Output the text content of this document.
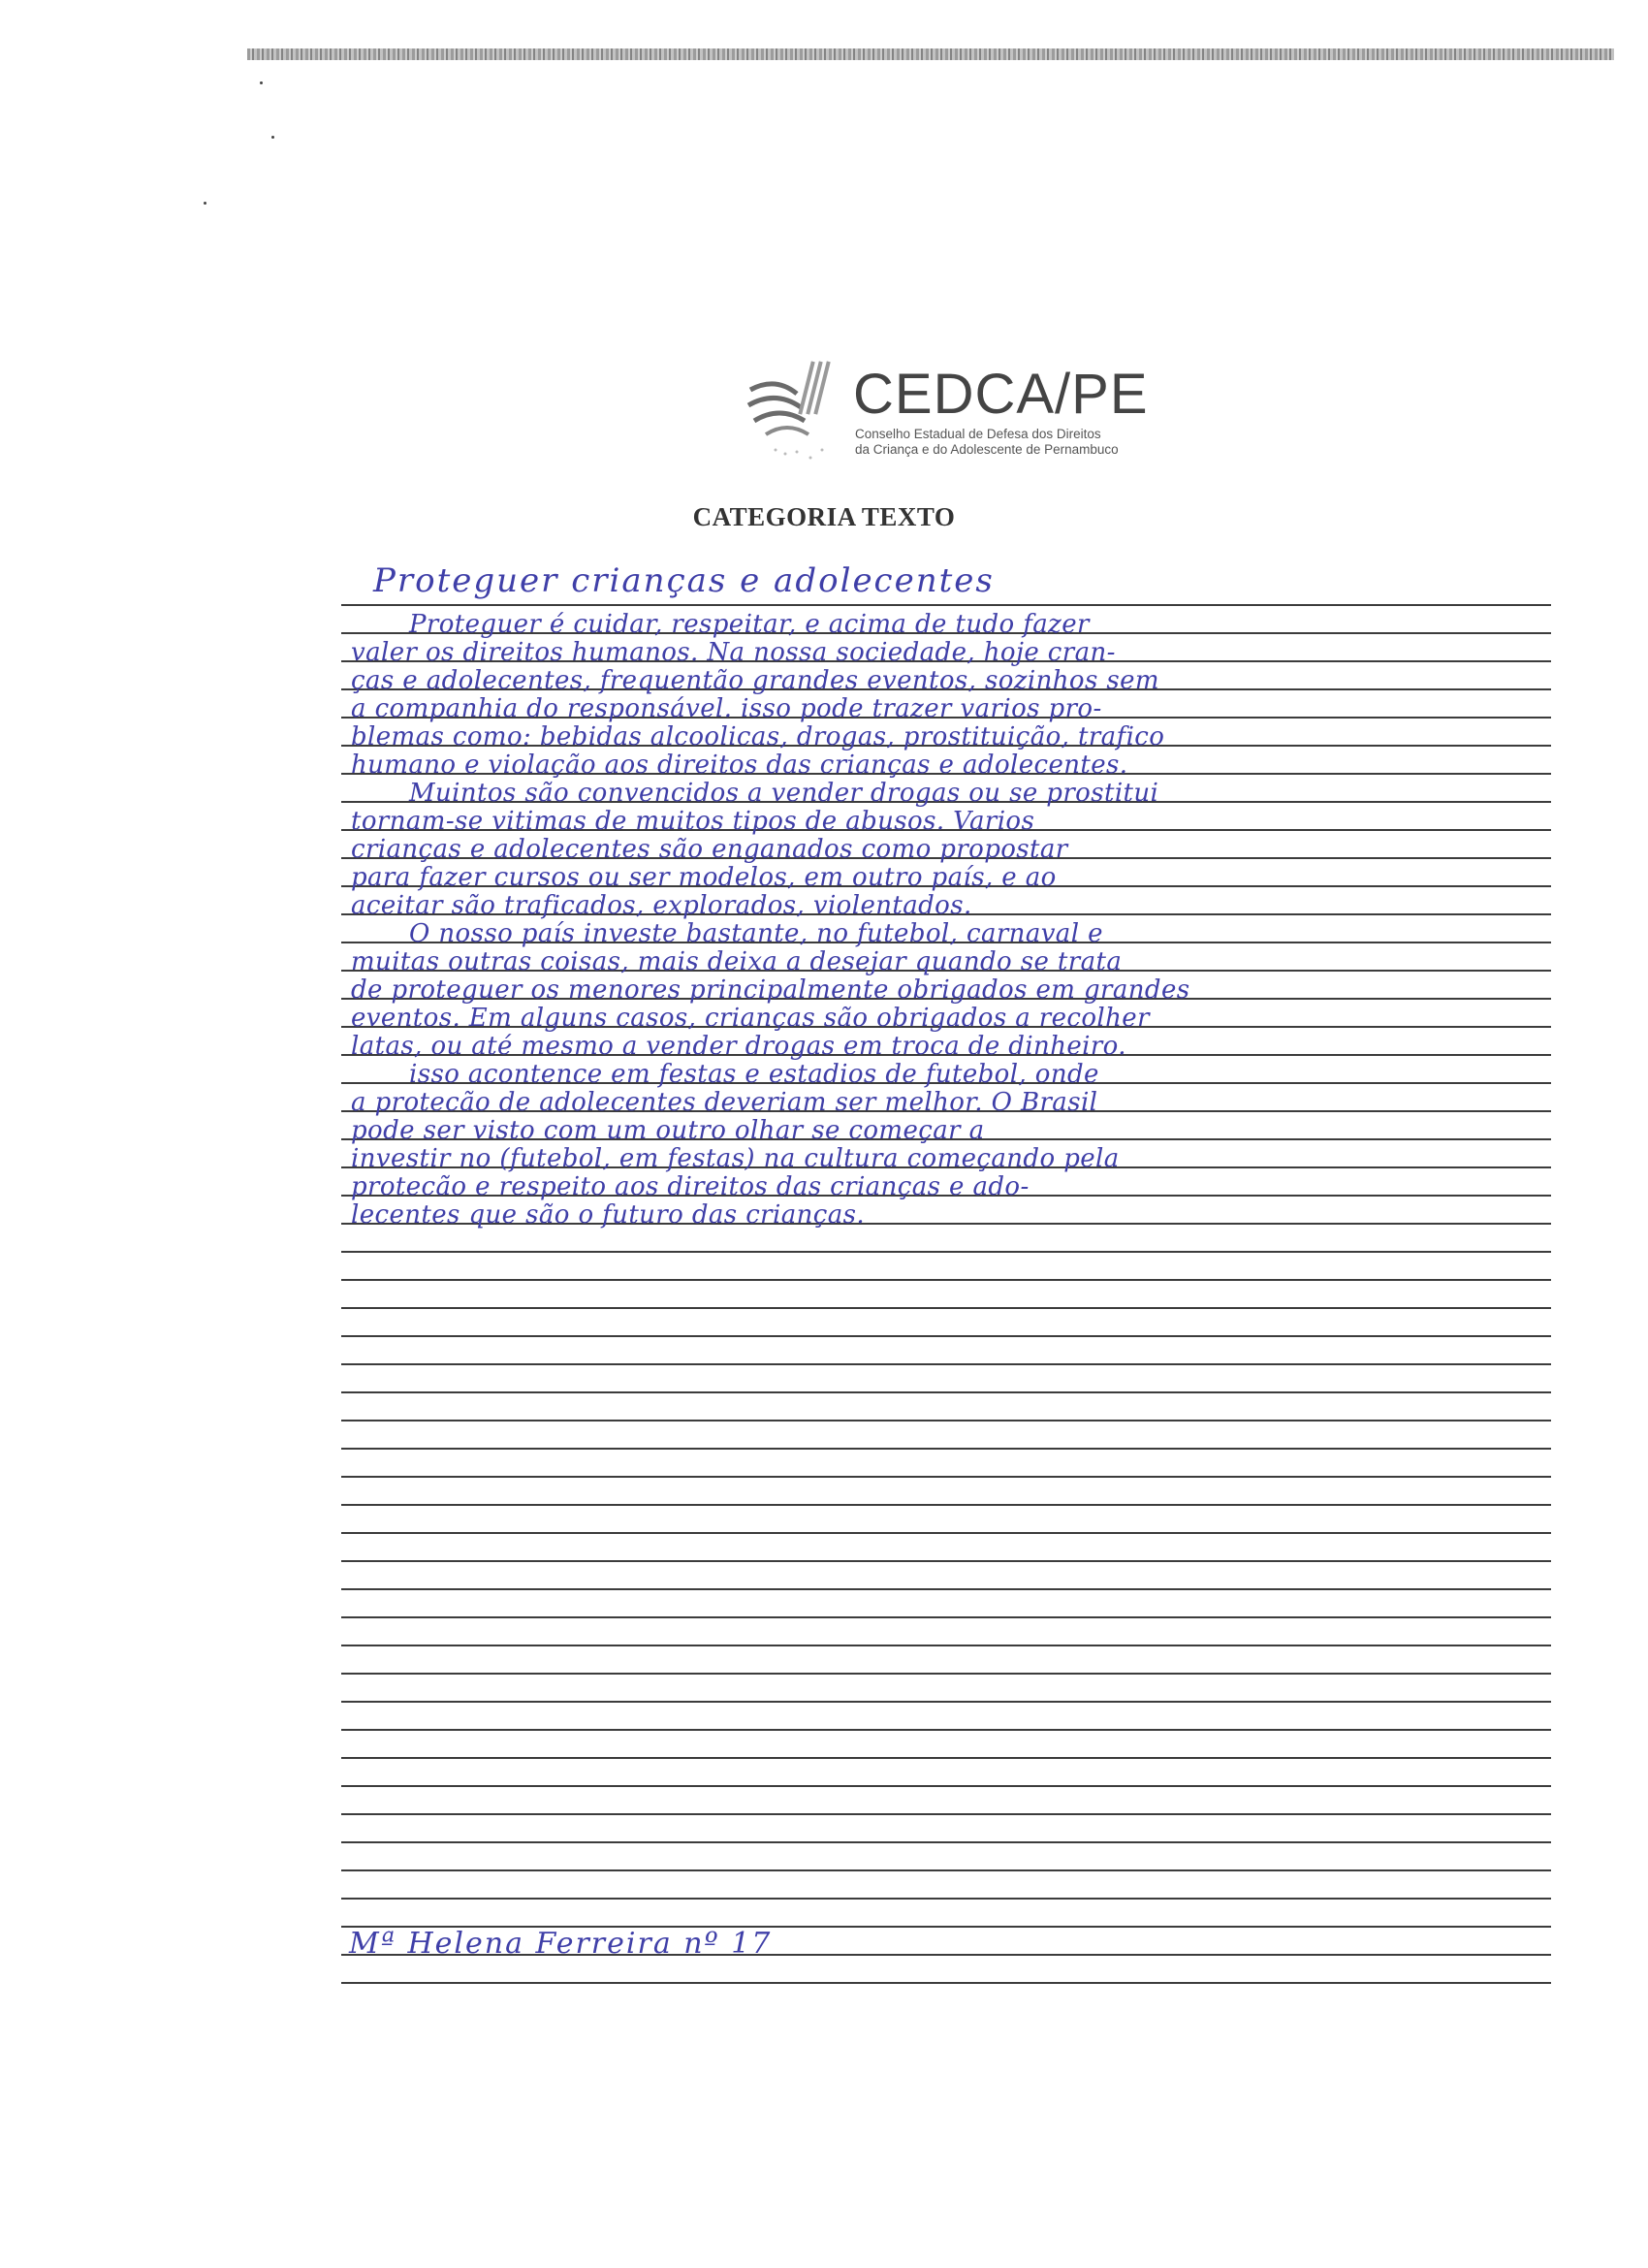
CEDCA/PE
Conselho Estadual de Defesa dos Direitos
da Criança e do Adolescente de Pernambuco
CATEGORIA TEXTO
Proteguer crianças e adolecentes
Proteguer é cuidar, respeitar, e acima de tudo fazer
valer os direitos humanos. Na nossa sociedade, hoje cran-
ças e adolecentes, frequentão grandes eventos, sozinhos sem
a companhia do responsável. isso pode trazer varios pro-
blemas como: bebidas alcoolicas, drogas, prostituição, trafico
humano e violação aos direitos das crianças e adolecentes.
Muintos são convencidos a vender drogas ou se prostitui
tornam-se vitimas de muitos tipos de abusos. Varios
crianças e adolecentes são enganados como propostar
para fazer cursos ou ser modelos, em outro país, e ao
aceitar são traficados, explorados, violentados.
O nosso país investe bastante, no futebol, carnaval e
muitas outras coisas, mais deixa a desejar quando se trata
de proteguer os menores principalmente obrigados em grandes
eventos. Em alguns casos, crianças são obrigados a recolher
latas, ou até mesmo a vender drogas em troca de dinheiro.
isso acontence em festas e estadios de futebol, onde
a protecão de adolecentes deveriam ser melhor. O Brasil
pode ser visto com um outro olhar se começar a
investir no (futebol, em festas) na cultura começando pela
protecão e respeito aos direitos das crianças e ado-
lecentes que são o futuro das crianças.
Mª Helena Ferreira nº 17
